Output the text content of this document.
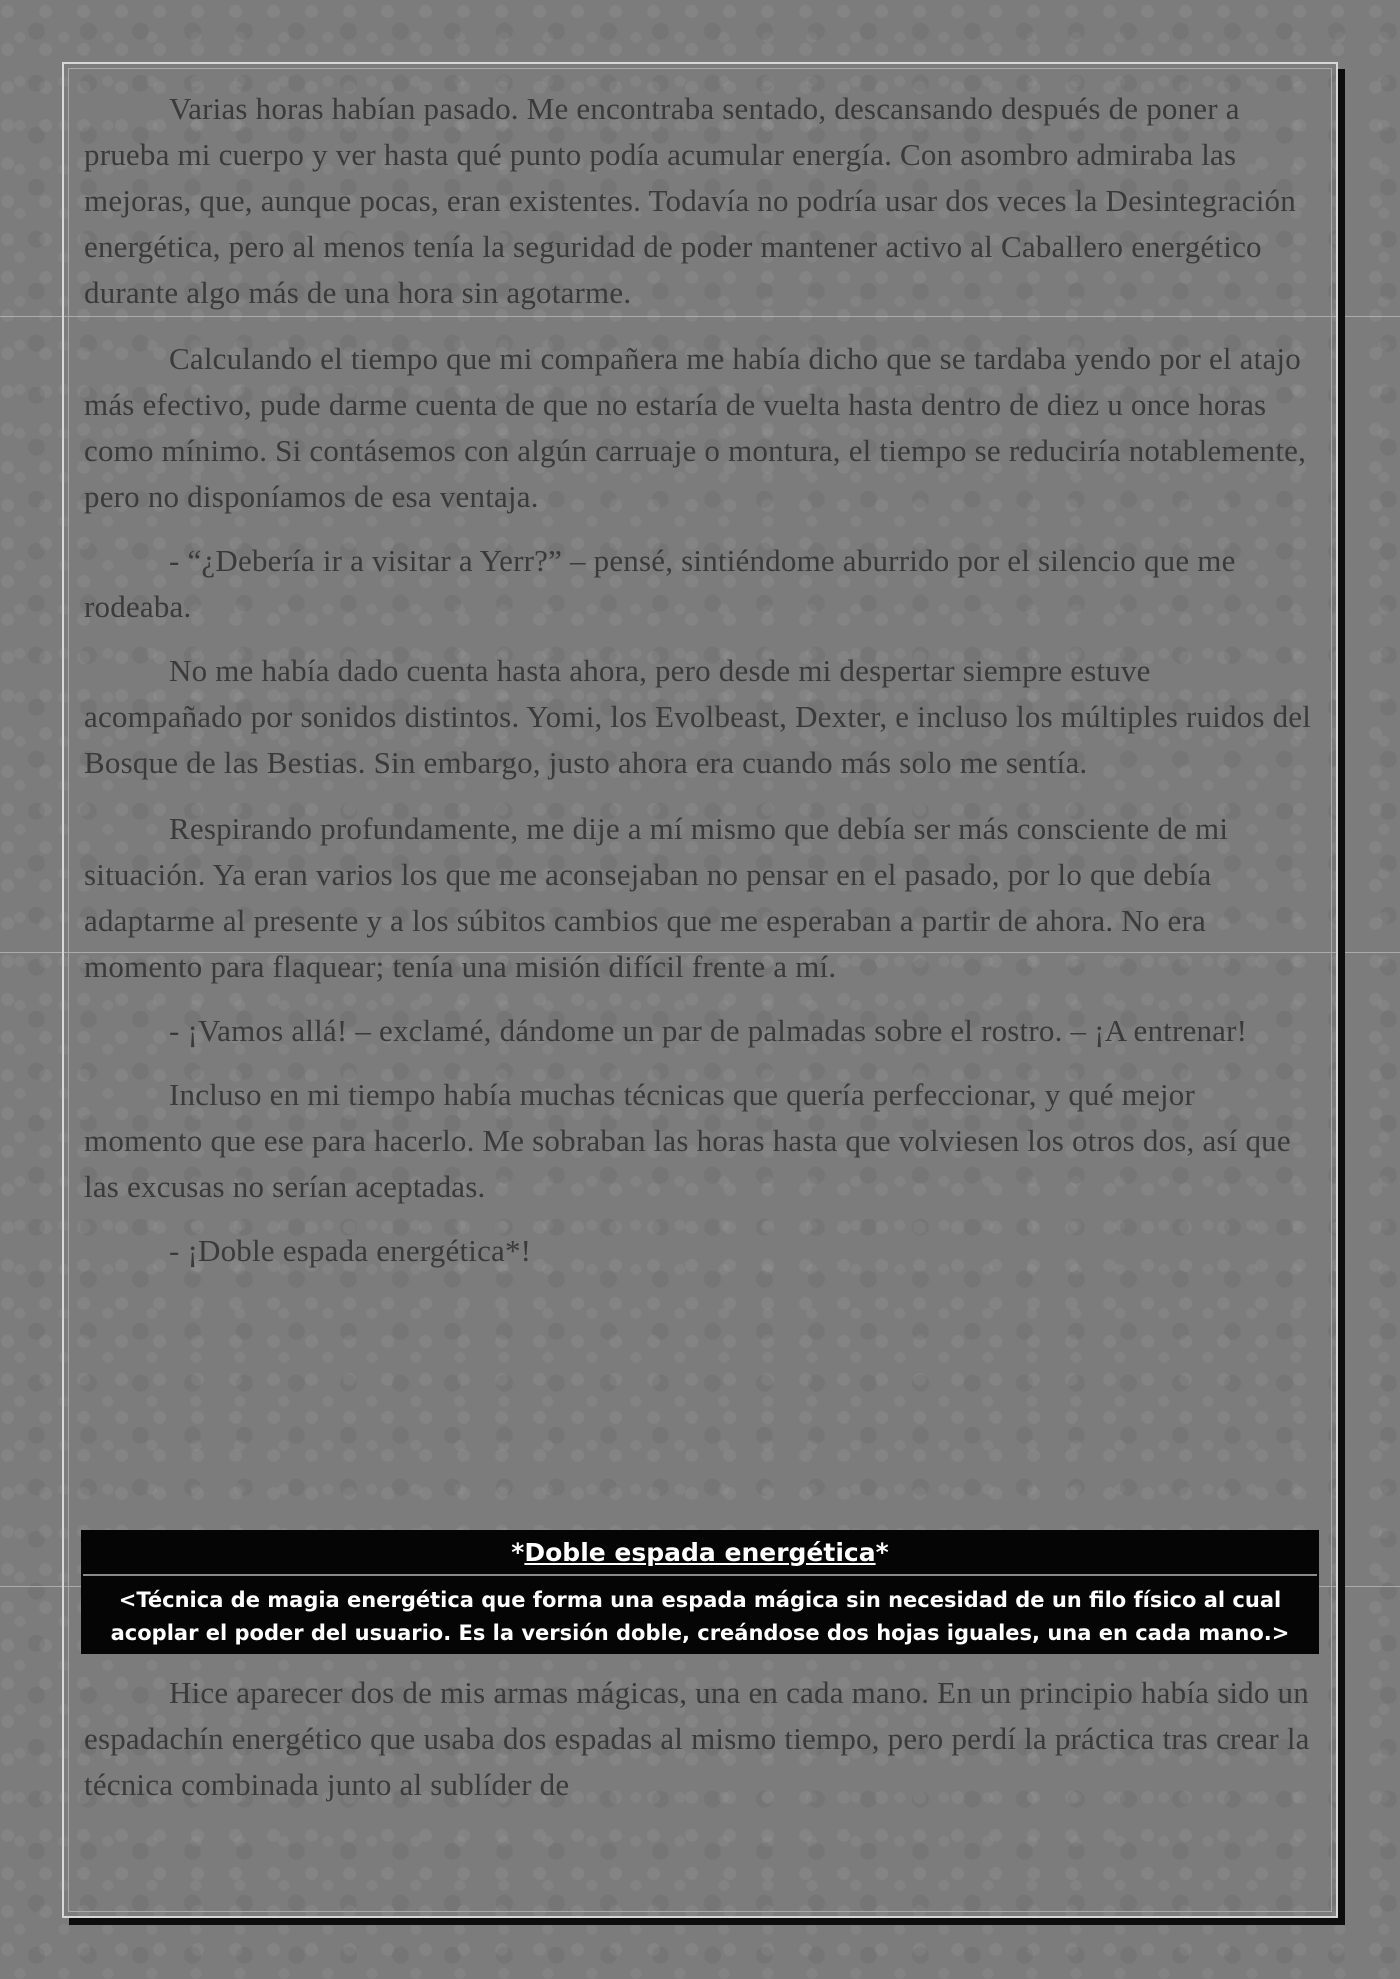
Varias horas habían pasado. Me encontraba sentado, descansando después de poner a prueba mi cuerpo y ver hasta qué punto podía acumular energía. Con asombro admiraba las mejoras, que, aunque pocas, eran existentes. Todavía no podría usar dos veces la Desintegración energética, pero al menos tenía la seguridad de poder mantener activo al Caballero energético durante algo más de una hora sin agotarme.

Calculando el tiempo que mi compañera me había dicho que se tardaba yendo por el atajo más efectivo, pude darme cuenta de que no estaría de vuelta hasta dentro de diez u once horas como mínimo. Si contásemos con algún carruaje o montura, el tiempo se reduciría notablemente, pero no disponíamos de esa ventaja.

- “¿Debería ir a visitar a Yerr?” – pensé, sintiéndome aburrido por el silencio que me rodeaba.

No me había dado cuenta hasta ahora, pero desde mi despertar siempre estuve acompañado por sonidos distintos. Yomi, los Evolbeast, Dexter, e incluso los múltiples ruidos del Bosque de las Bestias. Sin embargo, justo ahora era cuando más solo me sentía.

Respirando profundamente, me dije a mí mismo que debía ser más consciente de mi situación. Ya eran varios los que me aconsejaban no pensar en el pasado, por lo que debía adaptarme al presente y a los súbitos cambios que me esperaban a partir de ahora. No era momento para flaquear; tenía una misión difícil frente a mí.

- ¡Vamos allá! – exclamé, dándome un par de palmadas sobre el rostro. – ¡A entrenar!

Incluso en mi tiempo había muchas técnicas que quería perfeccionar, y qué mejor momento que ese para hacerlo. Me sobraban las horas hasta que volviesen los otros dos, así que las excusas no serían aceptadas.

- ¡Doble espada energética*!

*Doble espada energética*
<Técnica de magia energética que forma una espada mágica sin necesidad de un filo físico al cual acoplar el poder del usuario. Es la versión doble, creándose dos hojas iguales, una en cada mano.>

Hice aparecer dos de mis armas mágicas, una en cada mano. En un principio había sido un espadachín energético que usaba dos espadas al mismo tiempo, pero perdí la práctica tras crear la técnica combinada junto al sublíder de
